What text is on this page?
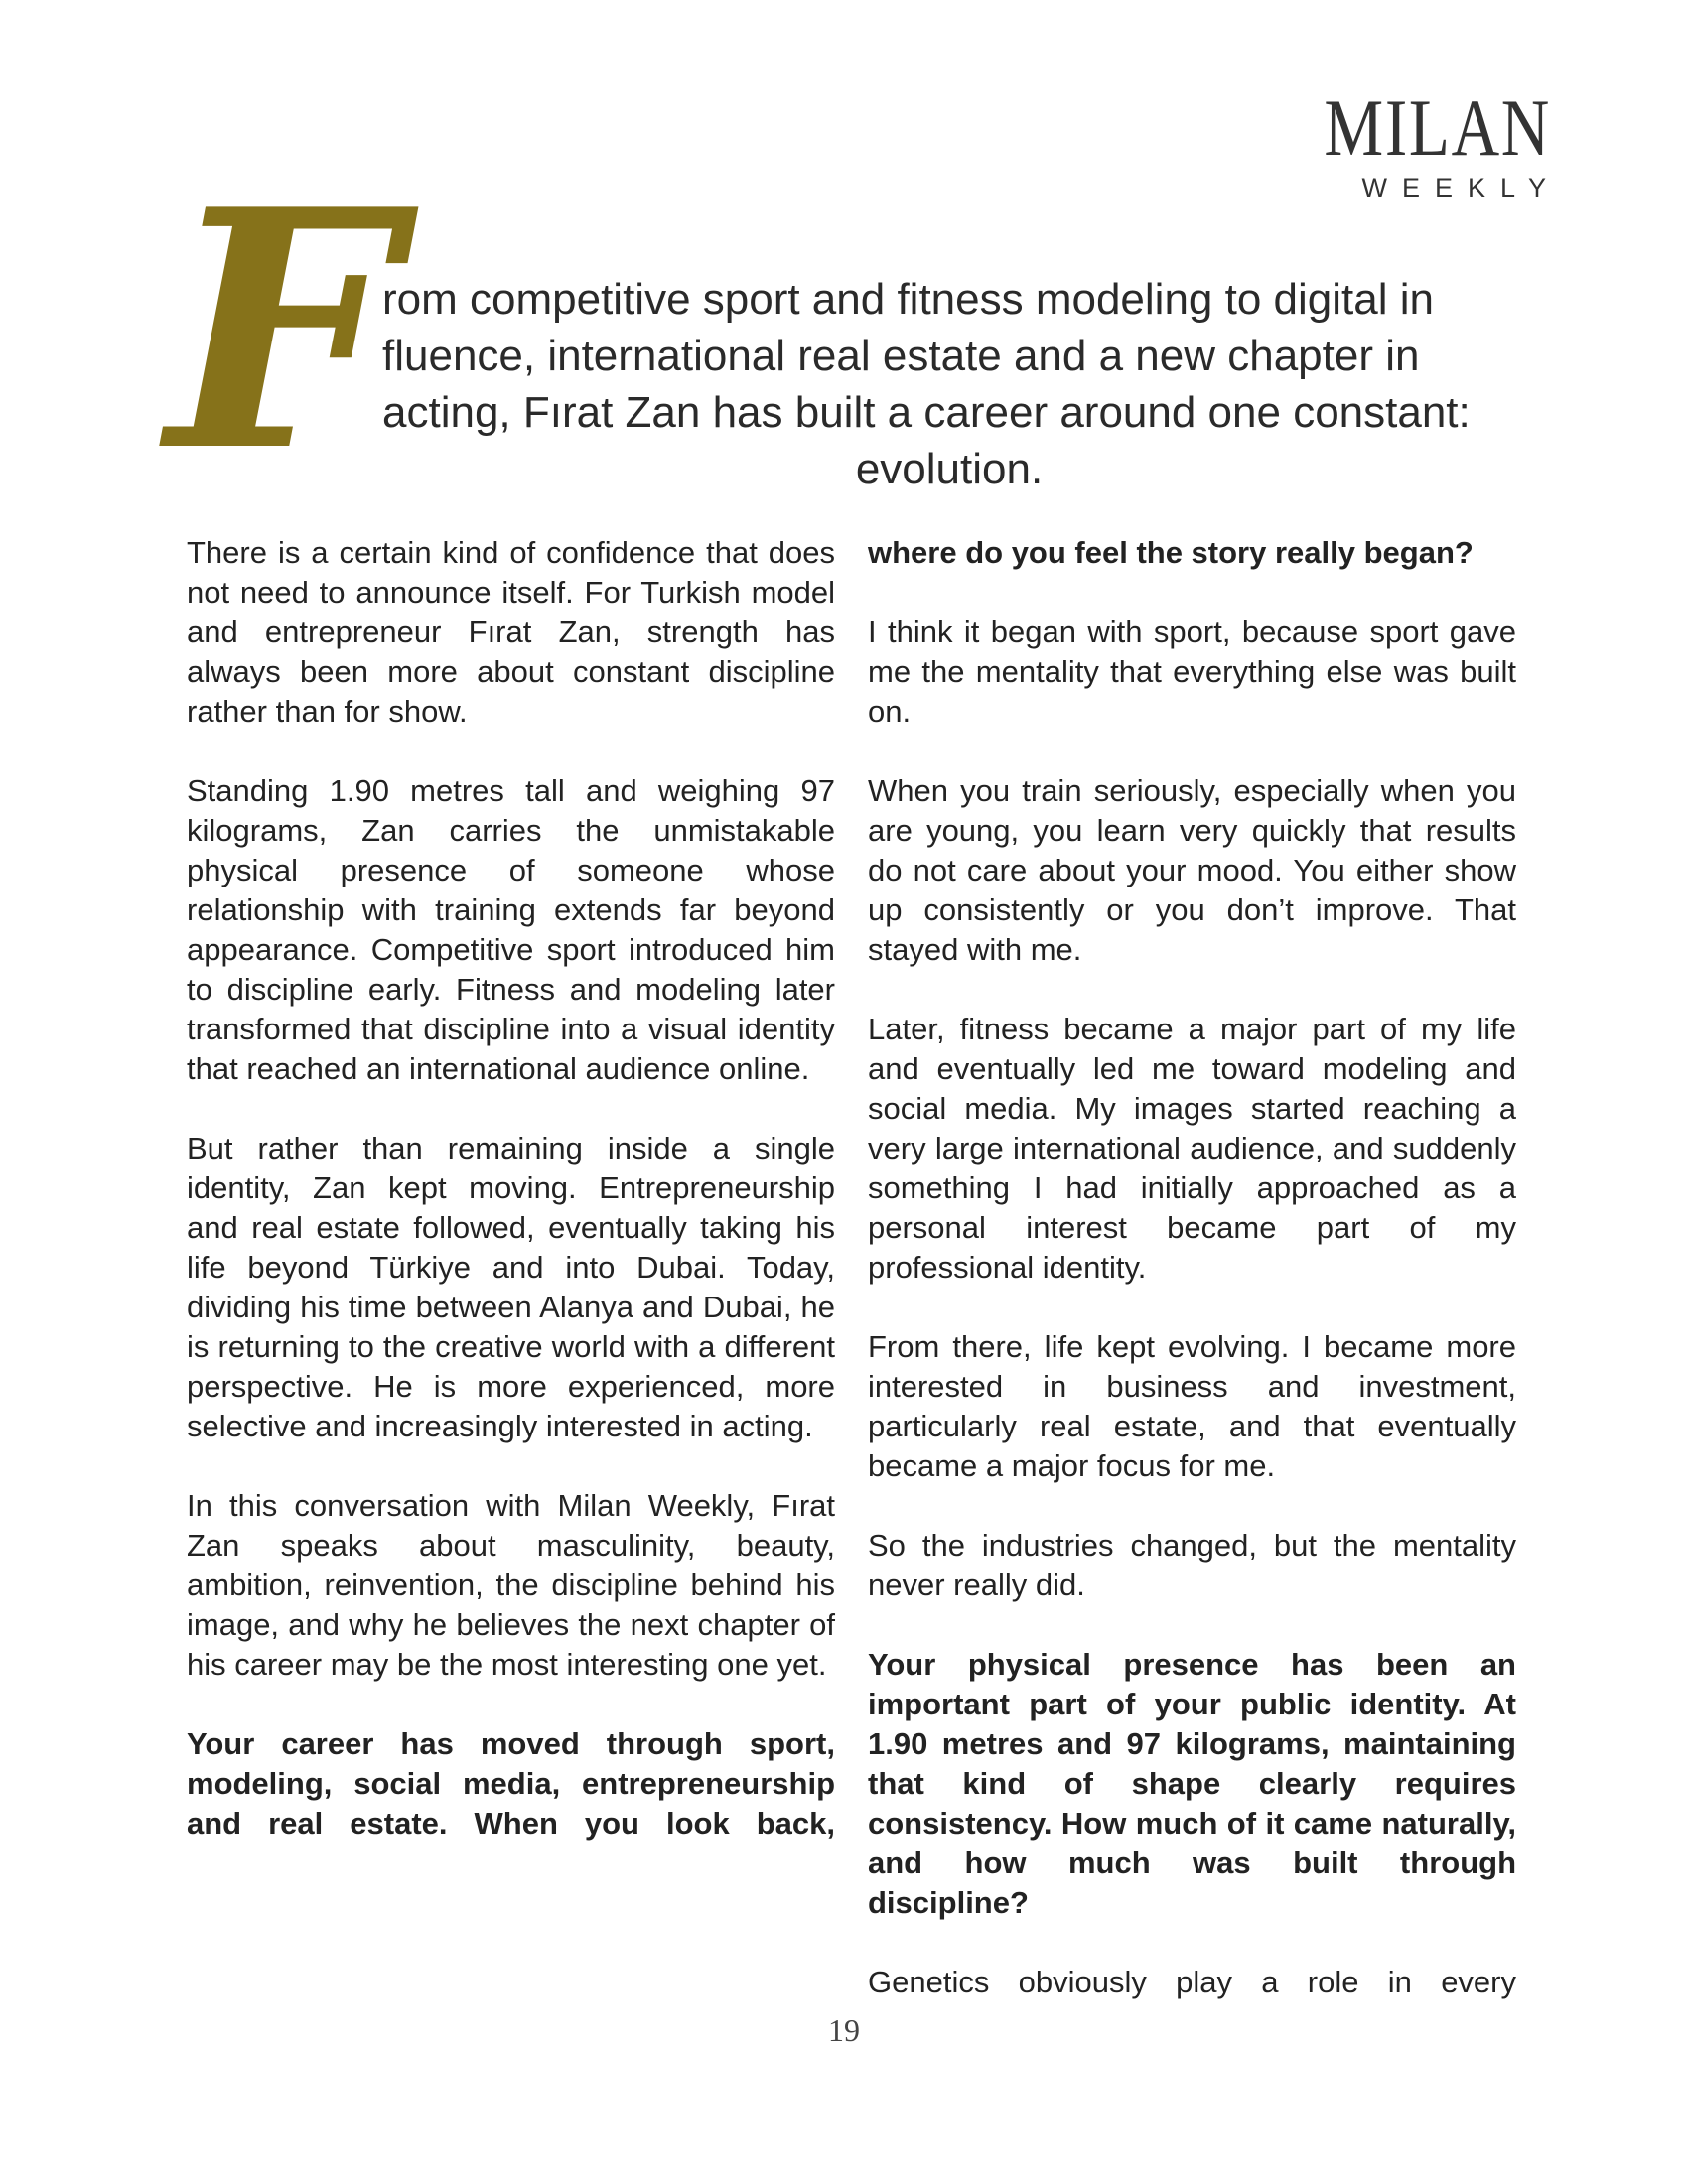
MILAN
WEEKLY
F
rom competitive sport and fitness modeling to digital in fluence, international real estate and a new chapter in acting, Fırat Zan has built a career around one constant:
evolution.

There is a certain kind of confidence that does not need to announce itself. For Turkish model and entrepreneur Fırat Zan, strength has always been more about constant discipline rather than for show.

Standing 1.90 metres tall and weighing 97 kilograms, Zan carries the unmistakable physical presence of someone whose relationship with training extends far beyond appearance. Competitive sport introduced him to discipline early. Fitness and modeling later transformed that discipline into a visual identity that reached an international audience online.

But rather than remaining inside a single identity, Zan kept moving. Entrepreneurship and real estate followed, eventually taking his life beyond Türkiye and into Dubai. Today, dividing his time between Alanya and Dubai, he is returning to the creative world with a different perspective. He is more experienced, more selective and increasingly interested in acting.

In this conversation with Milan Weekly, Fırat Zan speaks about masculinity, beauty, ambition, reinvention, the discipline behind his image, and why he believes the next chapter of his career may be the most interesting one yet.

Your career has moved through sport, modeling, social media, entrepreneurship and real estate. When you look back,

where do you feel the story really began?

I think it began with sport, because sport gave me the mentality that everything else was built on.

When you train seriously, especially when you are young, you learn very quickly that results do not care about your mood. You either show up consistently or you don’t improve. That stayed with me.

Later, fitness became a major part of my life and eventually led me toward modeling and social media. My images started reaching a very large international audience, and suddenly something I had initially approached as a personal interest became part of my professional identity.

From there, life kept evolving. I became more interested in business and investment, particularly real estate, and that eventually became a major focus for me.

So the industries changed, but the mentality never really did.

Your physical presence has been an important part of your public identity. At 1.90 metres and 97 kilograms, maintaining that kind of shape clearly requires consistency. How much of it came naturally, and how much was built through discipline?

Genetics obviously play a role in every

19
